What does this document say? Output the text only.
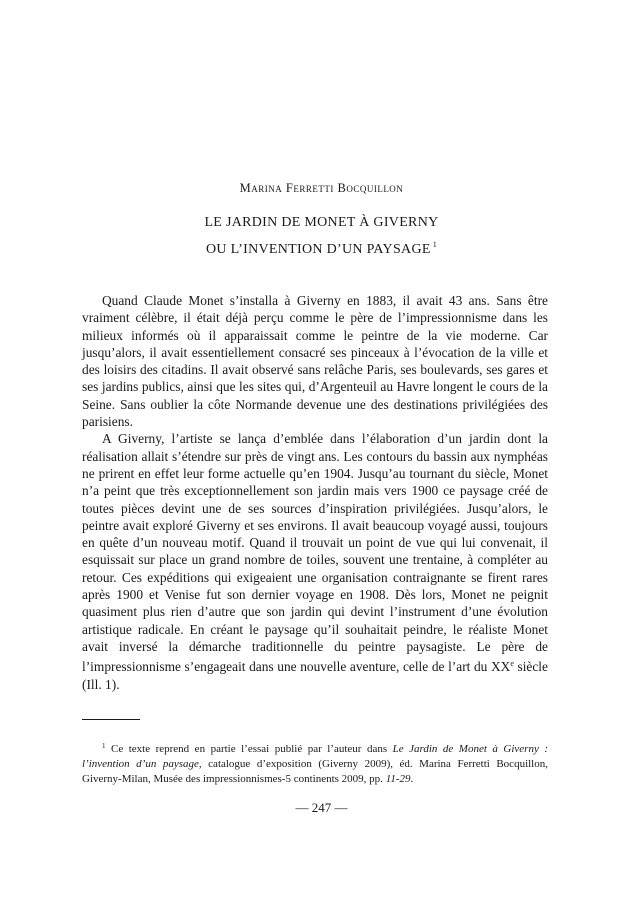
Marina Ferretti Bocquillon
LE JARDIN DE MONET À GIVERNY
OU L’INVENTION D’UN PAYSAGE $^1$

Quand Claude Monet s’installa à Giverny en 1883, il avait 43 ans. Sans être vraiment célèbre, il était déjà perçu comme le père de l’impressionnisme dans les milieux informés où il apparaissait comme le peintre de la vie moderne. Car jusqu’alors, il avait essentiellement consacré ses pinceaux à l’évocation de la ville et des loisirs des citadins. Il avait observé sans relâche Paris, ses boulevards, ses gares et ses jardins publics, ainsi que les sites qui, d’Argenteuil au Havre longent le cours de la Seine. Sans oublier la côte Normande devenue une des destinations privilégiées des parisiens.

A Giverny, l’artiste se lança d’emblée dans l’élaboration d’un jardin dont la réalisation allait s’étendre sur près de vingt ans. Les contours du bassin aux nymphéas ne prirent en effet leur forme actuelle qu’en 1904. Jusqu’au tournant du siècle, Monet n’a peint que très exceptionnellement son jardin mais vers 1900 ce paysage créé de toutes pièces devint une de ses sources d’inspiration privilégiées. Jusqu’alors, le peintre avait exploré Giverny et ses environs. Il avait beaucoup voyagé aussi, toujours en quête d’un nouveau motif. Quand il trouvait un point de vue qui lui convenait, il esquissait sur place un grand nombre de toiles, souvent une trentaine, à compléter au retour. Ces expéditions qui exigeaient une organisation contraignante se firent rares après 1900 et Venise fut son dernier voyage en 1908. Dès lors, Monet ne peignit quasiment plus rien d’autre que son jardin qui devint l’instrument d’une évolution artistique radicale. En créant le paysage qu’il souhaitait peindre, le réaliste Monet avait inversé la démarche traditionnelle du peintre paysagiste. Le père de l’impressionnisme s’engageait dans une nouvelle aventure, celle de l’art du XXe siècle (Ill. 1).

$^1$ Ce texte reprend en partie l’essai publié par l’auteur dans Le Jardin de Monet à Giverny : l’invention d’un paysage, catalogue d’exposition (Giverny 2009), éd. Marina Ferretti Bocquillon, Giverny-Milan, Musée des impressionnismes-5 continents 2009, pp. 11-29.

— 247 —
